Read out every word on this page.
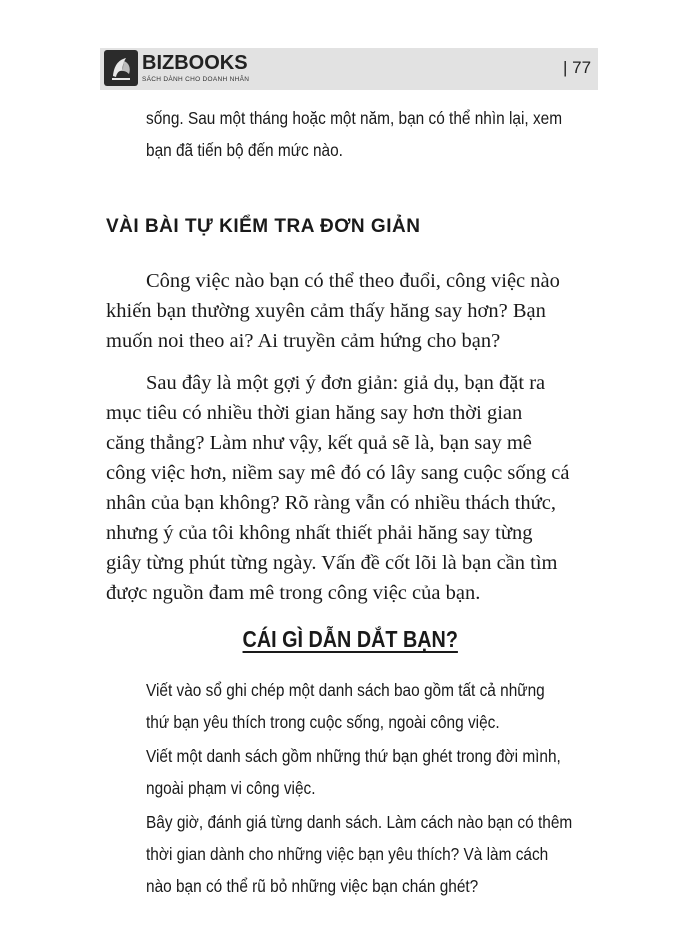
BIZBOOKS
SÁCH DÀNH CHO DOANH NHÂN
| 77
sống. Sau một tháng hoặc một năm, bạn có thể nhìn lại, xem
bạn đã tiến bộ đến mức nào.
VÀI BÀI TỰ KIỂM TRA ĐƠN GIẢN
Công việc nào bạn có thể theo đuổi, công việc nào
khiến bạn thường xuyên cảm thấy hăng say hơn? Bạn
muốn noi theo ai? Ai truyền cảm hứng cho bạn?
Sau đây là một gợi ý đơn giản: giả dụ, bạn đặt ra
mục tiêu có nhiều thời gian hăng say hơn thời gian
căng thẳng? Làm như vậy, kết quả sẽ là, bạn say mê
công việc hơn, niềm say mê đó có lây sang cuộc sống cá
nhân của bạn không? Rõ ràng vẫn có nhiều thách thức,
nhưng ý của tôi không nhất thiết phải hăng say từng
giây từng phút từng ngày. Vấn đề cốt lõi là bạn cần tìm
được nguồn đam mê trong công việc của bạn.
CÁI GÌ DẪN DẮT BẠN?
Viết vào sổ ghi chép một danh sách bao gồm tất cả những
thứ bạn yêu thích trong cuộc sống, ngoài công việc.
Viết một danh sách gồm những thứ bạn ghét trong đời mình,
ngoài phạm vi công việc.
Bây giờ, đánh giá từng danh sách. Làm cách nào bạn có thêm
thời gian dành cho những việc bạn yêu thích? Và làm cách
nào bạn có thể rũ bỏ những việc bạn chán ghét?
